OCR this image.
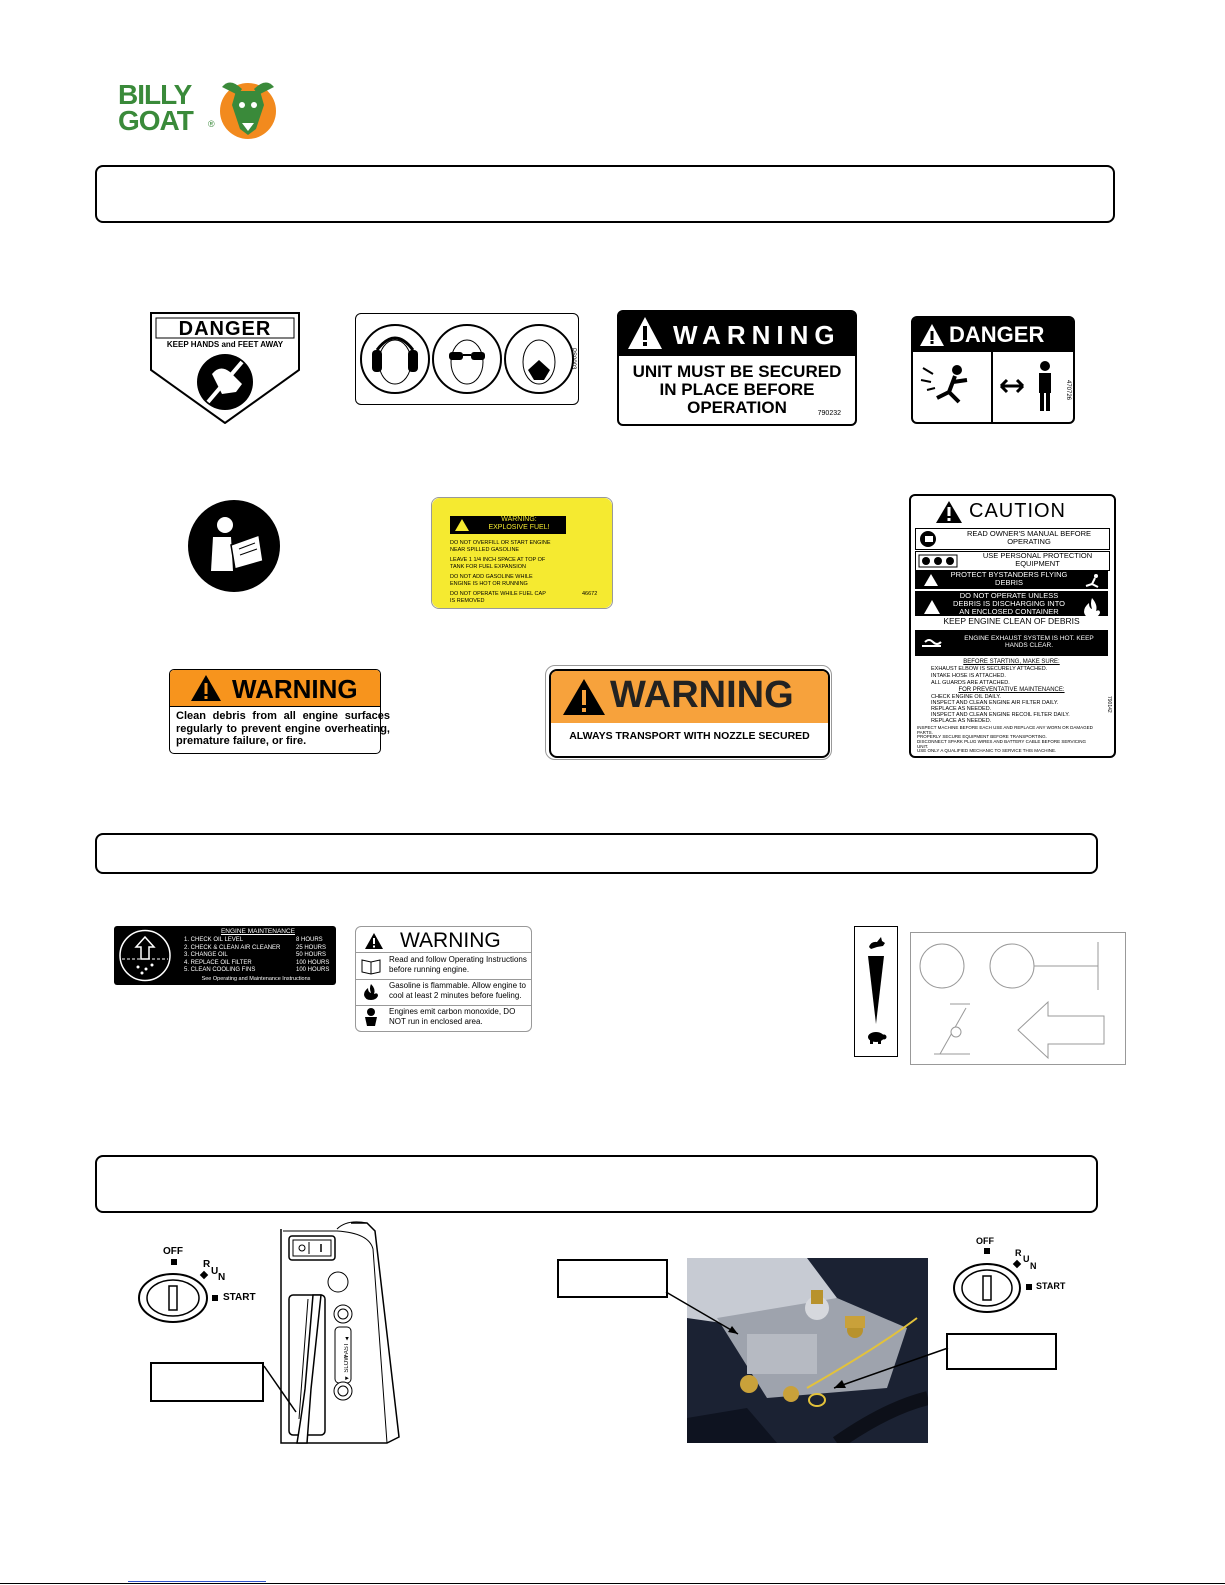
BILLY
GOAT ®
DANGER
KEEP HANDS and FEET AWAY
PS0003
WARNING
UNIT MUST BE SECURED
IN PLACE BEFORE
OPERATION	790232
DANGER
470726
WARNING:
EXPLOSIVE FUEL!
DO NOT OVERFILL OR START ENGINE
NEAR SPILLED GASOLINE
LEAVE 1 1/4 INCH SPACE AT TOP OF
TANK FOR FUEL EXPANSION
DO NOT ADD GASOLINE WHILE
ENGINE IS HOT OR RUNNING
DO NOT OPERATE WHILE FUEL CAP
IS REMOVED
46672
CAUTION
READ OWNER'S MANUAL BEFORE OPERATING
USE PERSONAL PROTECTION EQUIPMENT
PROTECT BYSTANDERS FLYING DEBRIS
DO NOT OPERATE UNLESS DEBRIS IS DISCHARGING INTO AN ENCLOSED CONTAINER
KEEP ENGINE CLEAN OF DEBRIS
ENGINE EXHAUST SYSTEM IS HOT. KEEP HANDS CLEAR.
BEFORE STARTING, MAKE SURE:
EXHAUST ELBOW IS SECURELY ATTACHED.
INTAKE HOSE IS ATTACHED.
ALL GUARDS ARE ATTACHED.
FOR PREVENTATIVE MAINTENANCE:
CHECK ENGINE OIL DAILY.
INSPECT AND CLEAN ENGINE AIR FILTER DAILY. REPLACE AS NEEDED.
INSPECT AND CLEAN ENGINE RECOIL FILTER DAILY. REPLACE AS NEEDED.
INSPECT MACHINE BEFORE EACH USE AND REPLACE ANY WORN OR DAMAGED PARTS.
PROPERLY SECURE EQUIPMENT BEFORE TRANSPORTING.
DISCONNECT SPARK PLUG WIRES AND BATTERY CABLE BEFORE SERVICING UNIT.
USE ONLY A QUALIFIED MECHANIC TO SERVICE THIS MACHINE.
790142
WARNING
Clean debris from all engine surfaces regularly to prevent engine overheating, premature failure, or fire.
WARNING
ALWAYS TRANSPORT WITH NOZZLE SECURED
ENGINE MAINTENANCE
1. CHECK OIL LEVEL	8 HOURS
2. CHECK & CLEAN AIR CLEANER	25 HOURS
3. CHANGE OIL	50 HOURS
4. REPLACE OIL FILTER	100 HOURS
5. CLEAN COOLING FINS	100 HOURS
See Operating and Maintenance Instructions
WARNING
Read and follow Operating Instructions before running engine.
Gasoline is flammable. Allow engine to cool at least 2 minutes before fueling.
Engines emit carbon monoxide, DO NOT run in enclosed area.
OFF
R
U
N
START
FAST ▲
◄ SLOW
OFF
R
U
N
START
